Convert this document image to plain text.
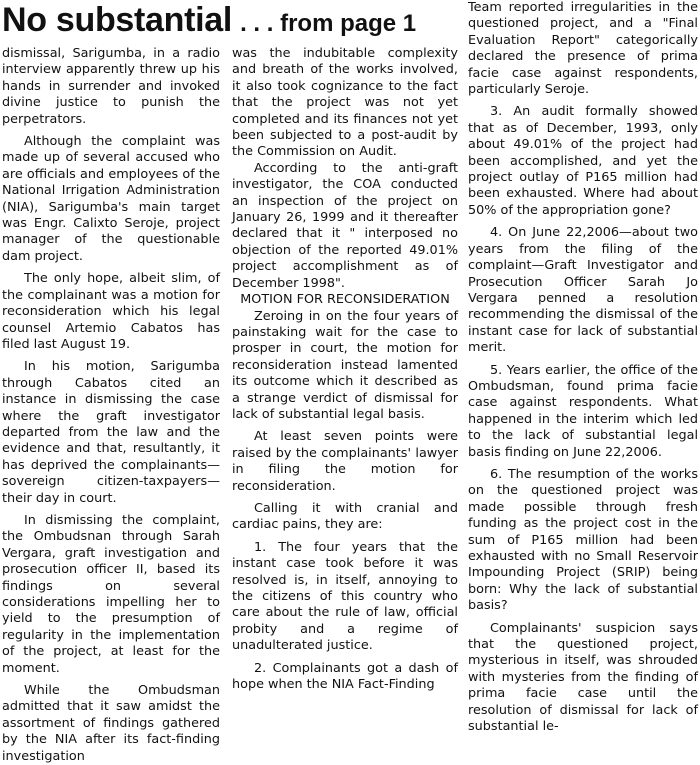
No substantial . . . from page 1

dismissal, Sarigumba, in a radio interview apparently threw up his hands in surrender and invoked divine justice to punish the perpetrators.

Although the complaint was made up of several accused who are officials and employees of the National Irrigation Administration (NIA), Sarigumba's main target was Engr. Calixto Seroje, project manager of the questionable dam project.

The only hope, albeit slim, of the complainant was a motion for reconsideration which his legal counsel Artemio Cabatos has filed last August 19.

In his motion, Sarigumba through Cabatos cited an instance in dismissing the case where the graft investigator departed from the law and the evidence and that, resultantly, it has deprived the complainants—sovereign citizen-taxpayers—their day in court.

In dismissing the complaint, the Ombudsnan through Sarah Vergara, graft investigation and prosecution officer II, based its findings on several considerations impelling her to yield to the presumption of regularity in the implementation of the project, at least for the moment.

While the Ombudsman admitted that it saw amidst the assortment of findings gathered by the NIA after its fact-finding investigation

was the indubitable complexity and breath of the works involved, it also took cognizance to the fact that the project was not yet completed and its finances not yet been subjected to a post-audit by the Commission on Audit.

According to the anti-graft investigator, the COA conducted an inspection of the project on January 26, 1999 and it thereafter declared that it " interposed no objection of the reported 49.01% project accomplishment as of December 1998".

MOTION FOR RECONSIDERATION

Zeroing in on the four years of painstaking wait for the case to prosper in court, the motion for reconsideration instead lamented its outcome which it described as a strange verdict of dismissal for lack of substantial legal basis.

At least seven points were raised by the complainants' lawyer in filing the motion for reconsideration.

Calling it with cranial and cardiac pains, they are:

1. The four years that the instant case took before it was resolved is, in itself, annoying to the citizens of this country who care about the rule of law, official probity and a regime of unadulterated justice.

2. Complainants got a dash of hope when the NIA Fact-Finding

Team reported irregularities in the questioned project, and a "Final Evaluation Report" categorically declared the presence of prima facie case against respondents, particularly Seroje.

3. An audit formally showed that as of December, 1993, only about 49.01% of the project had been accomplished, and yet the project outlay of P165 million had been exhausted. Where had about 50% of the appropriation gone?

4. On June 22,2006—about two years from the filing of the complaint—Graft Investigator and Prosecution Officer Sarah Jo Vergara penned a resolution recommending the dismissal of the instant case for lack of substantial merit.

5. Years earlier, the office of the Ombudsman, found prima facie case against respondents. What happened in the interim which led to the lack of substantial legal basis finding on June 22,2006.

6. The resumption of the works on the questioned project was made possible through fresh funding as the project cost in the sum of P165 million had been exhausted with no Small Reservoir Impounding Project (SRIP) being born: Why the lack of substantial basis?

Complainants' suspicion says that the questioned project, mysterious in itself, was shrouded with mysteries from the finding of prima facie case until the resolution of dismissal for lack of substantial le-
